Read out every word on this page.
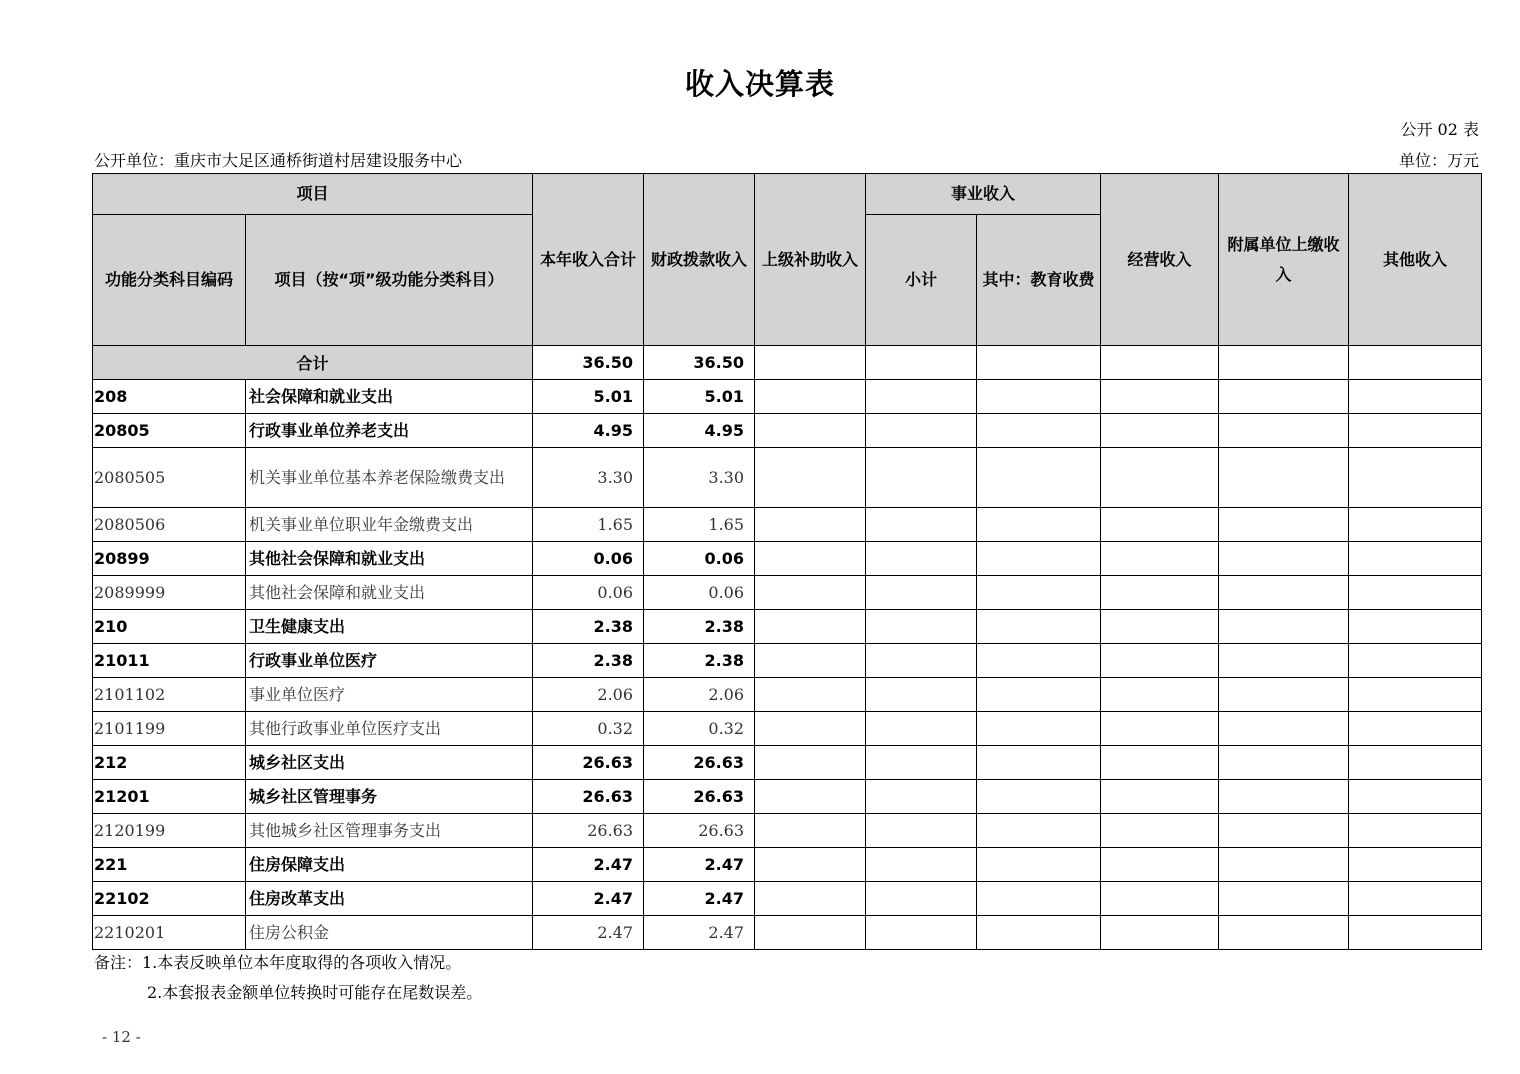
收入决算表
公开 02 表
公开单位：重庆市大足区通桥街道村居建设服务中心	单位：万元
项目		本年收入合计	财政拨款收入	上级补助收入	事业收入		经营收入	附属单位上缴收入	其他收入
功能分类科目编码	项目（按“项”级功能分类科目）				小计	其中：教育收费			
合计		36.50	36.50						
208	社会保障和就业支出	5.01	5.01						
20805	行政事业单位养老支出	4.95	4.95						
2080505	机关事业单位基本养老保险缴费支出	3.30	3.30						
2080506	机关事业单位职业年金缴费支出	1.65	1.65						
20899	其他社会保障和就业支出	0.06	0.06						
2089999	其他社会保障和就业支出	0.06	0.06						
210	卫生健康支出	2.38	2.38						
21011	行政事业单位医疗	2.38	2.38						
2101102	事业单位医疗	2.06	2.06						
2101199	其他行政事业单位医疗支出	0.32	0.32						
212	城乡社区支出	26.63	26.63						
21201	城乡社区管理事务	26.63	26.63						
2120199	其他城乡社区管理事务支出	26.63	26.63						
221	住房保障支出	2.47	2.47						
22102	住房改革支出	2.47	2.47						
2210201	住房公积金	2.47	2.47						
备注：1.本表反映单位本年度取得的各项收入情况。
2.本套报表金额单位转换时可能存在尾数误差。
- 12 -
